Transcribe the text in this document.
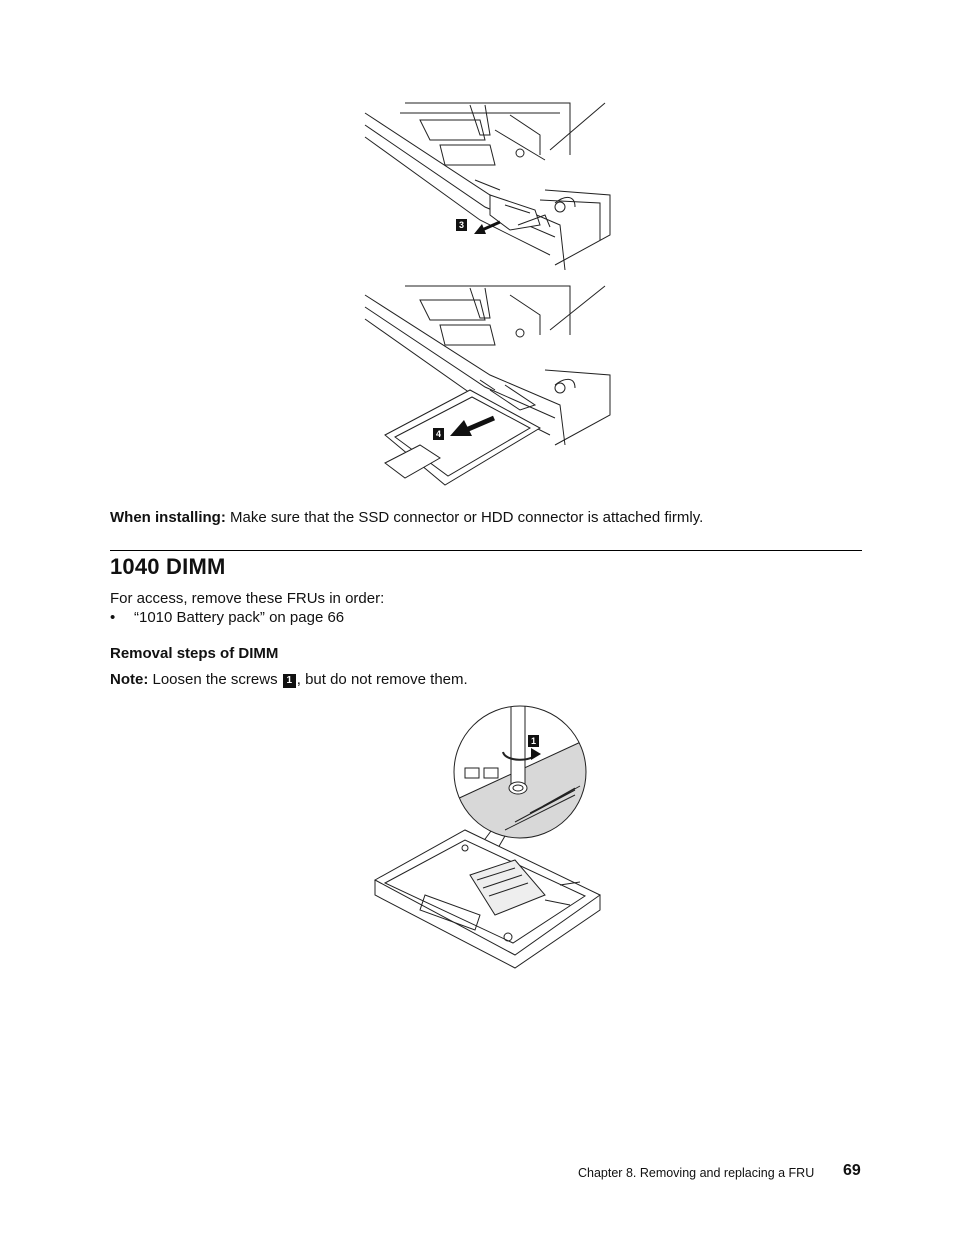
3
4
When installing: Make sure that the SSD connector or HDD connector is attached firmly.
1040 DIMM
For access, remove these FRUs in order:
• “1010 Battery pack” on page 66
Removal steps of DIMM
Note: Loosen the screws 1 , but do not remove them.
1
Chapter 8. Removing and replacing a FRU 69
